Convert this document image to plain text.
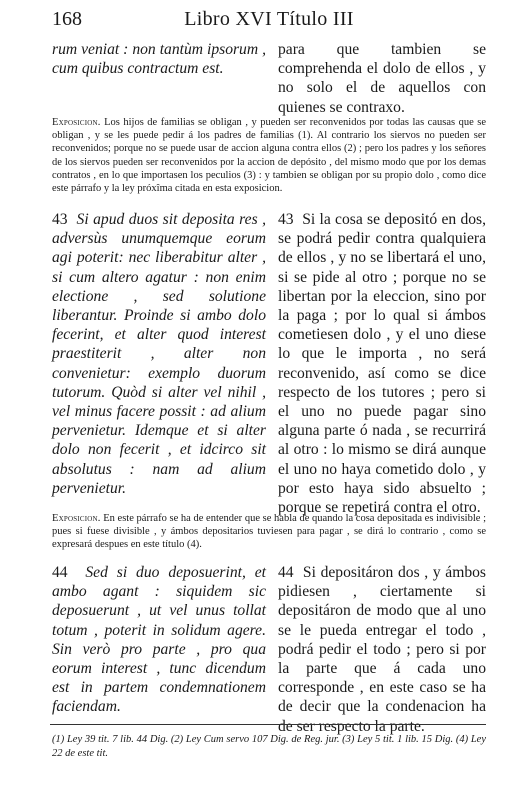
168	Libro XVI Título III

rum veniat : non tantùm ipsorum , cum quibus contractum est.

para que tambien se comprehenda el dolo de ellos , y no solo el de aquellos con quienes se contraxo.

Exposicion. Los hijos de familias se obligan , y pueden ser reconvenidos por todas las causas que se obligan , y se les puede pedir á los padres de familias (1). Al contrario los siervos no pueden ser reconvenidos; porque no se puede usar de accion alguna contra ellos (2) ; pero los padres y los señores de los siervos pueden ser reconvenidos por la accion de depósito , del mismo modo que por los demas contratos , en lo que importasen los peculios (3) : y tambien se obligan por su propio dolo , como dice este párrafo y la ley próxîma citada en esta exposicion.

43 Si apud duos sit deposita res , adversùs unumquemque eorum agi poterit: nec liberabitur alter , si cum altero agatur : non enim electione , sed solutione liberantur. Proinde si ambo dolo fecerint, et alter quod interest praestiterit , alter non convenietur: exemplo duorum tutorum. Quòd si alter vel nihil , vel minus facere possit : ad alium pervenietur. Idemque et si alter dolo non fecerit , et idcirco sit absolutus : nam ad alium pervenietur.

43 Si la cosa se depositó en dos, se podrá pedir contra qualquiera de ellos , y no se libertará el uno, si se pide al otro ; porque no se libertan por la eleccion, sino por la paga ; por lo qual si ámbos cometiesen dolo , y el uno diese lo que le importa , no será reconvenido, así como se dice respecto de los tutores ; pero si el uno no puede pagar sino alguna parte ó nada , se recurrirá al otro : lo mismo se dirá aunque el uno no haya cometido dolo , y por esto haya sido absuelto ; porque se repetirá contra el otro.

Exposicion. En este párrafo se ha de entender que se habla de quando la cosa depositada es indivisible ; pues si fuese divisible , y ámbos depositarios tuviesen para pagar , se dirá lo contrario , como se expresará despues en este título (4).

44 Sed si duo deposuerint, et ambo agant : siquidem sic deposuerunt , ut vel unus tollat totum , poterit in solidum agere. Sin verò pro parte , pro qua eorum interest , tunc dicendum est in partem condemnationem faciendam.

44 Si depositáron dos , y ámbos pidiesen , ciertamente si depositáron de modo que al uno se le pueda entregar el todo , podrá pedir el todo ; pero si por la parte que á cada uno corresponde , en este caso se ha de decir que la condenacion ha de ser respecto la parte.

(1) Ley 39 tit. 7 lib. 44 Dig. (2) Ley Cum servo 107 Dig. de Reg. jur. (3) Ley 5 tit. 1 lib. 15 Dig. (4) Ley 22 de este tit.
